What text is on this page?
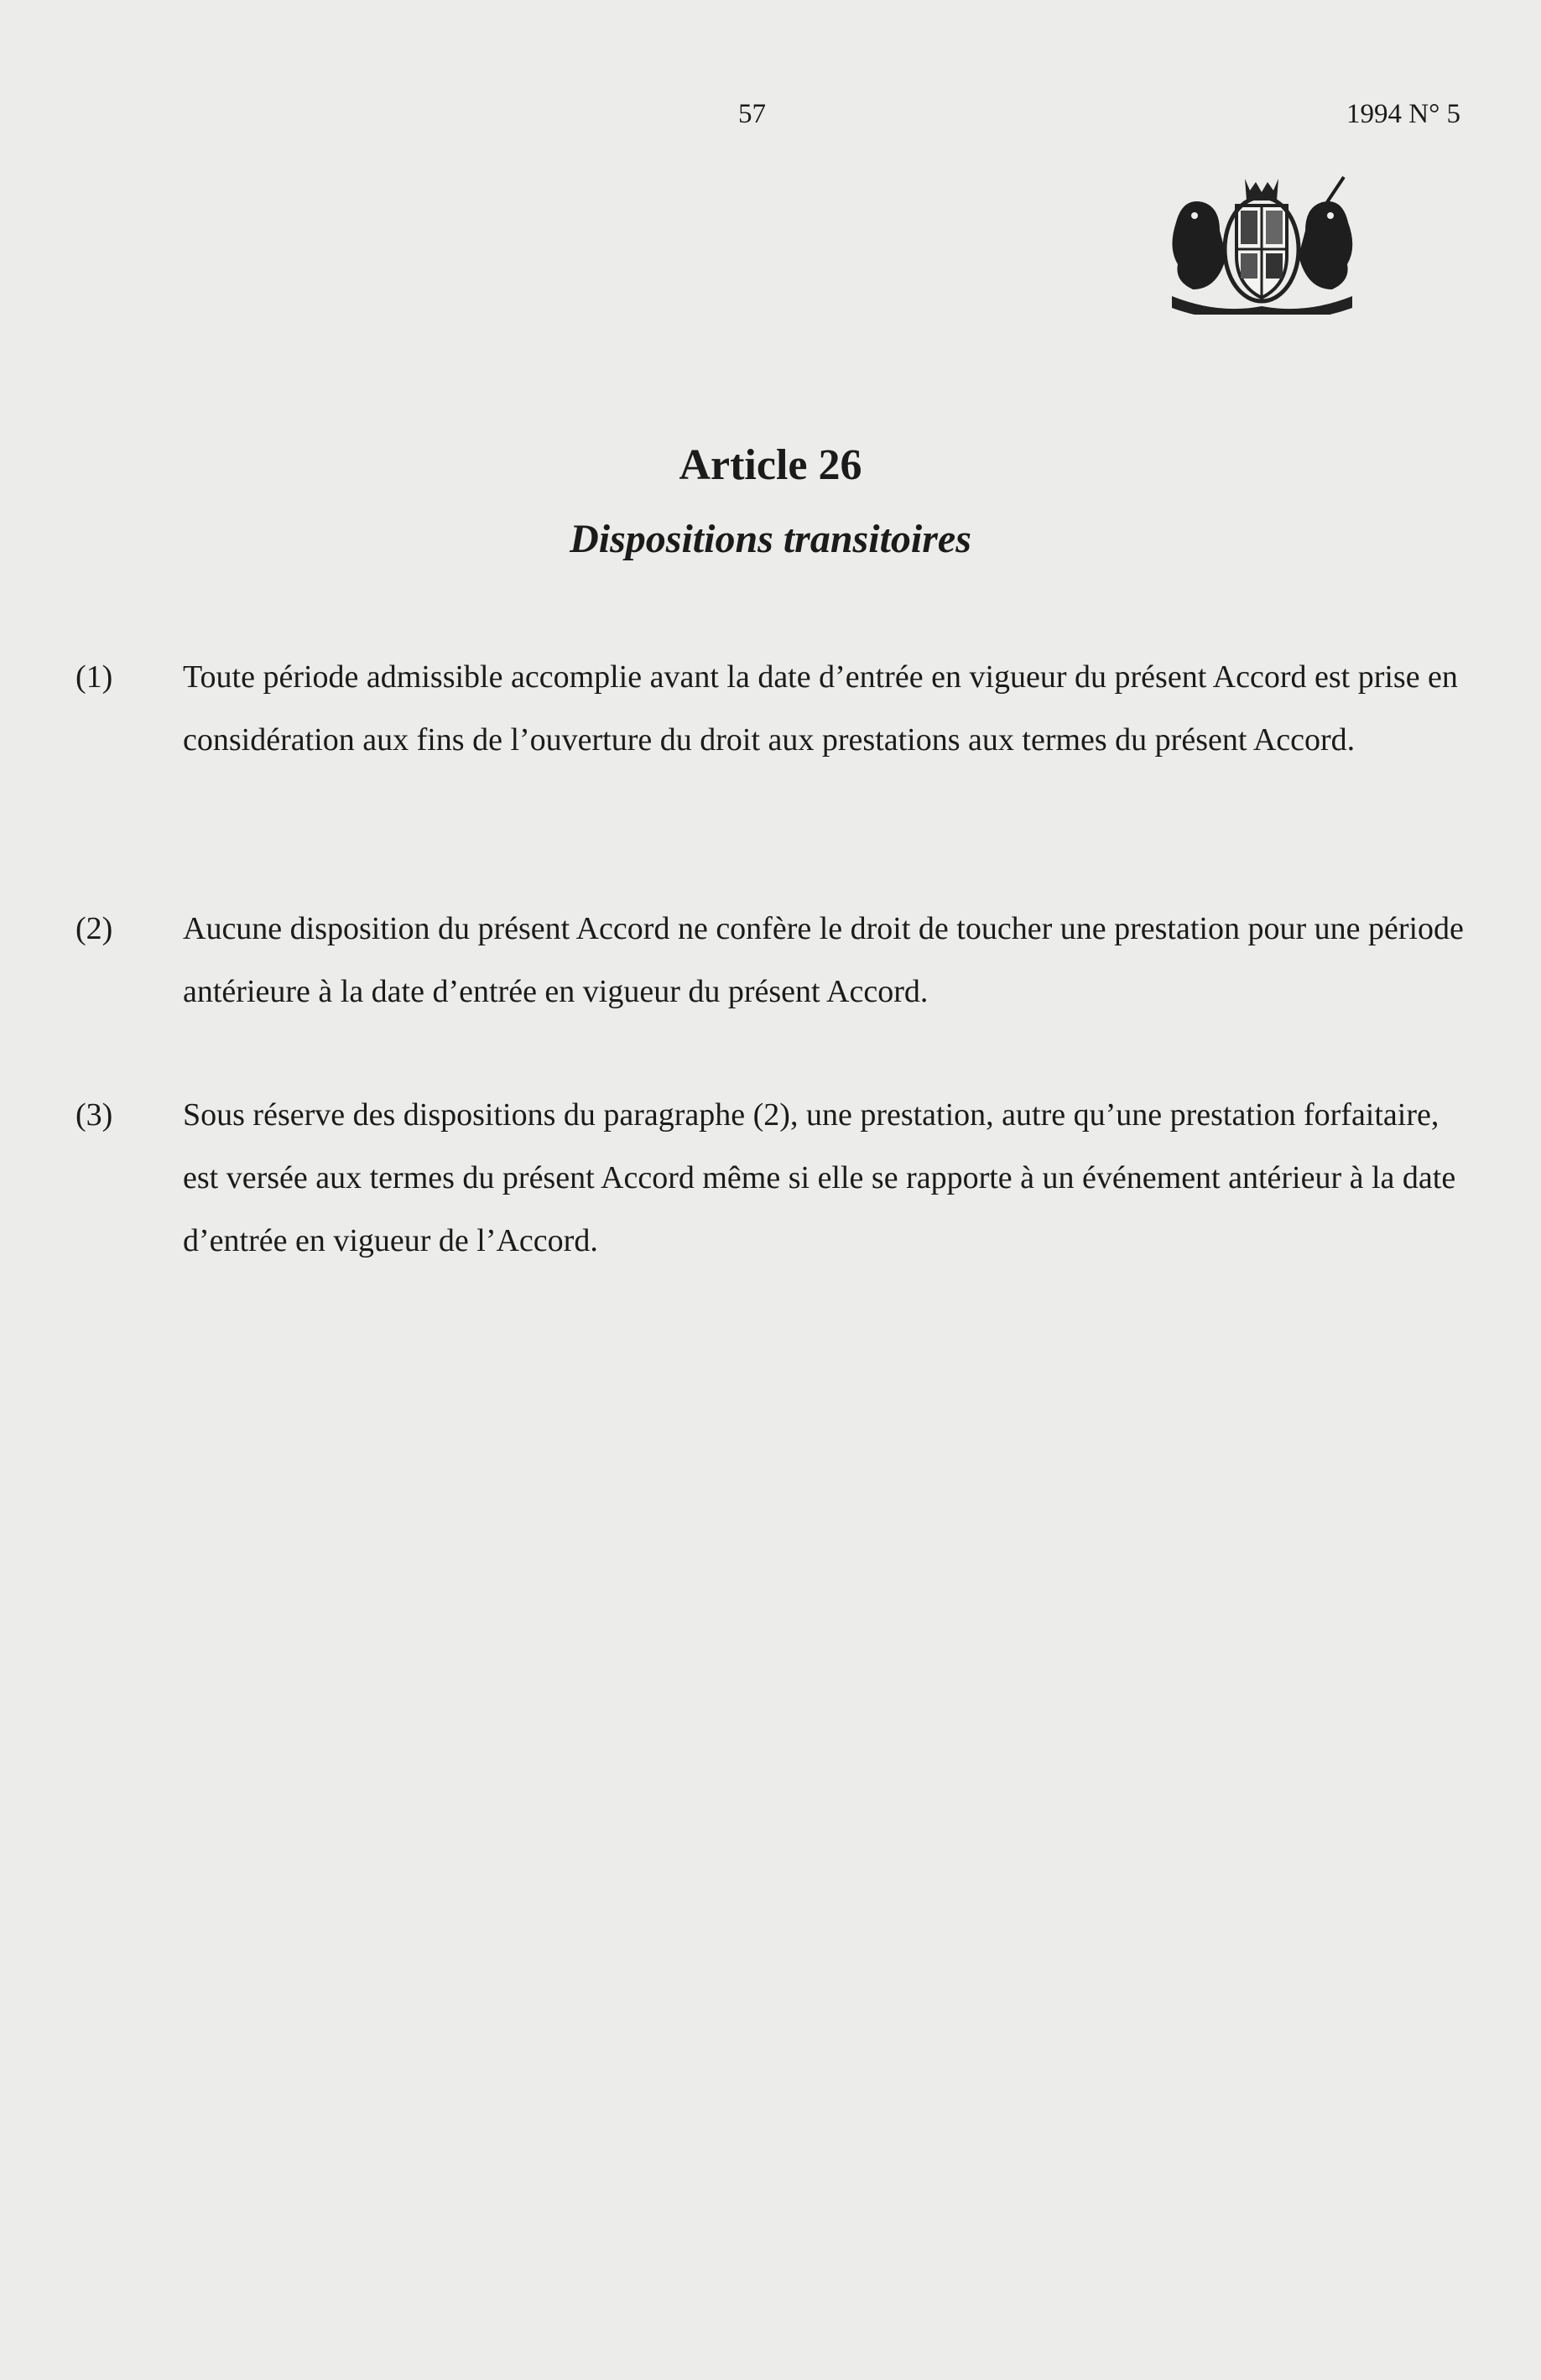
57	1994 N° 5
Article 26
Dispositions transitoires
(1) Toute période admissible accomplie avant la date d’entrée en vigueur du présent Accord est prise en considération aux fins de l’ouverture du droit aux prestations aux termes du présent Accord.
(2) Aucune disposition du présent Accord ne confère le droit de toucher une prestation pour une période antérieure à la date d’entrée en vigueur du présent Accord.
(3) Sous réserve des dispositions du paragraphe (2), une prestation, autre qu’une prestation forfaitaire, est versée aux termes du présent Accord même si elle se rapporte à un événement antérieur à la date d’entrée en vigueur de l’Accord.
